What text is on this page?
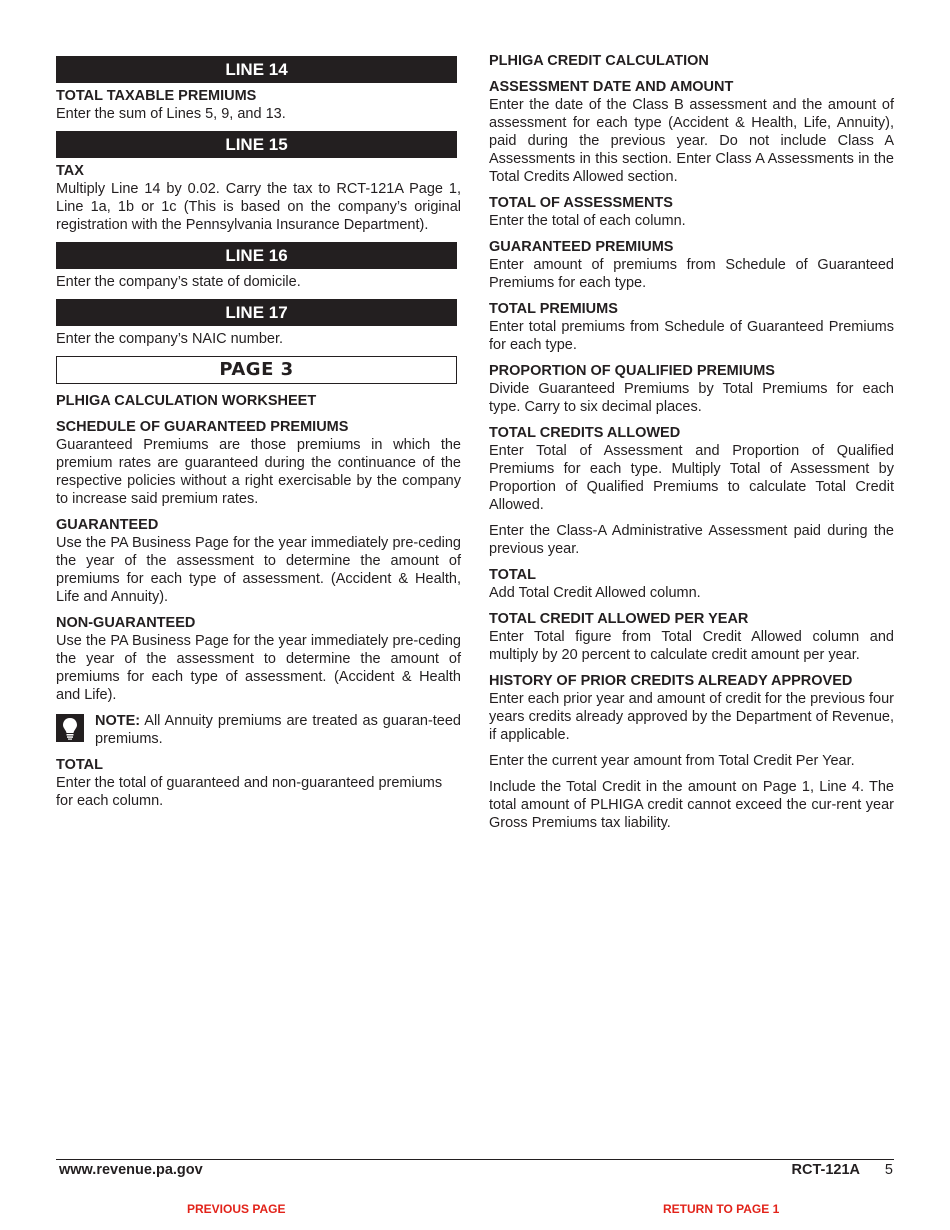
LINE 14
TOTAL TAXABLE PREMIUMS

Enter the sum of Lines 5, 9, and 13.

LINE 15
TAX

Multiply Line 14 by 0.02. Carry the tax to RCT-121A Page 1, Line 1a, 1b or 1c (This is based on the company’s original registration with the Pennsylvania Insurance Department).

LINE 16

Enter the company’s state of domicile.

LINE 17

Enter the company’s NAIC number.

PAGE 3
PLHIGA CALCULATION WORKSHEET
SCHEDULE OF GUARANTEED PREMIUMS

Guaranteed Premiums are those premiums in which the premium rates are guaranteed during the continuance of the respective policies without a right exercisable by the company to increase said premium rates.

GUARANTEED

Use the PA Business Page for the year immediately pre-ceding the year of the assessment to determine the amount of premiums for each type of assessment. (Accident & Health, Life and Annuity).

NON-GUARANTEED

Use the PA Business Page for the year immediately pre-ceding the year of the assessment to determine the amount of premiums for each type of assessment. (Accident & Health and Life).

NOTE: All Annuity premiums are treated as guaran-teed premiums.

TOTAL

Enter the total of guaranteed and non-guaranteed premiums for each column.

PLHIGA CREDIT CALCULATION
ASSESSMENT DATE AND AMOUNT

Enter the date of the Class B assessment and the amount of assessment for each type (Accident & Health, Life, Annuity), paid during the previous year. Do not include Class A Assessments in this section. Enter Class A Assessments in the Total Credits Allowed section.

TOTAL OF ASSESSMENTS

Enter the total of each column.

GUARANTEED PREMIUMS

Enter amount of premiums from Schedule of Guaranteed Premiums for each type.

TOTAL PREMIUMS

Enter total premiums from Schedule of Guaranteed Premiums for each type.

PROPORTION OF QUALIFIED PREMIUMS

Divide Guaranteed Premiums by Total Premiums for each type. Carry to six decimal places.

TOTAL CREDITS ALLOWED

Enter Total of Assessment and Proportion of Qualified Premiums for each type. Multiply Total of Assessment by Proportion of Qualified Premiums to calculate Total Credit Allowed.

Enter the Class-A Administrative Assessment paid during the previous year.

TOTAL

Add Total Credit Allowed column.

TOTAL CREDIT ALLOWED PER YEAR

Enter Total figure from Total Credit Allowed column and multiply by 20 percent to calculate credit amount per year.

HISTORY OF PRIOR CREDITS ALREADY APPROVED

Enter each prior year and amount of credit for the previous four years credits already approved by the Department of Revenue, if applicable.

Enter the current year amount from Total Credit Per Year.

Include the Total Credit in the amount on Page 1, Line 4. The total amount of PLHIGA credit cannot exceed the cur-rent year Gross Premiums tax liability.

www.revenue.pa.gov	RCT-121A 5
PREVIOUS PAGE	RETURN TO PAGE 1
